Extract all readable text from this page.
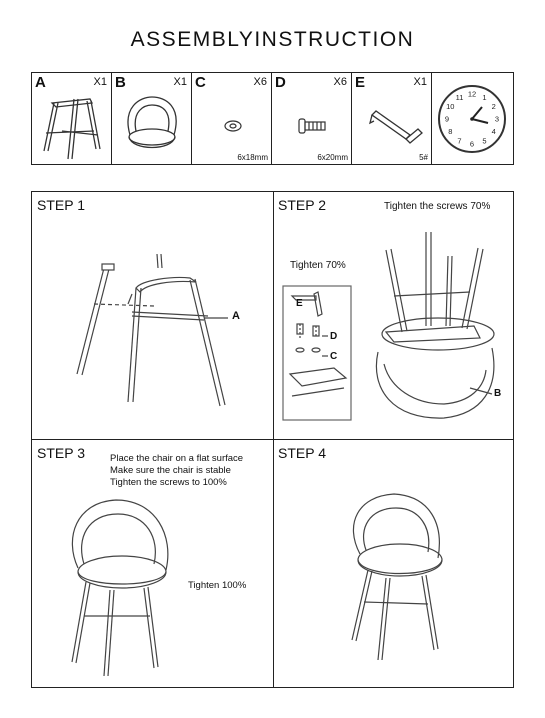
ASSEMBLYINSTRUCTION
A	X1 B	X1 C	X6
6x18mm
D	X6
6x20mm
E	X1
5#
12 1
2
3
4
5
6
7
8
9
10
11
STEP 1
A
STEP 2	Tighten the screws 70%
Tighten 70%
E
D
C
B
STEP 3	Place the chair on a flat surface
Make sure the chair is stable
Tighten the screws to 100%
Tighten 100%
STEP 4
